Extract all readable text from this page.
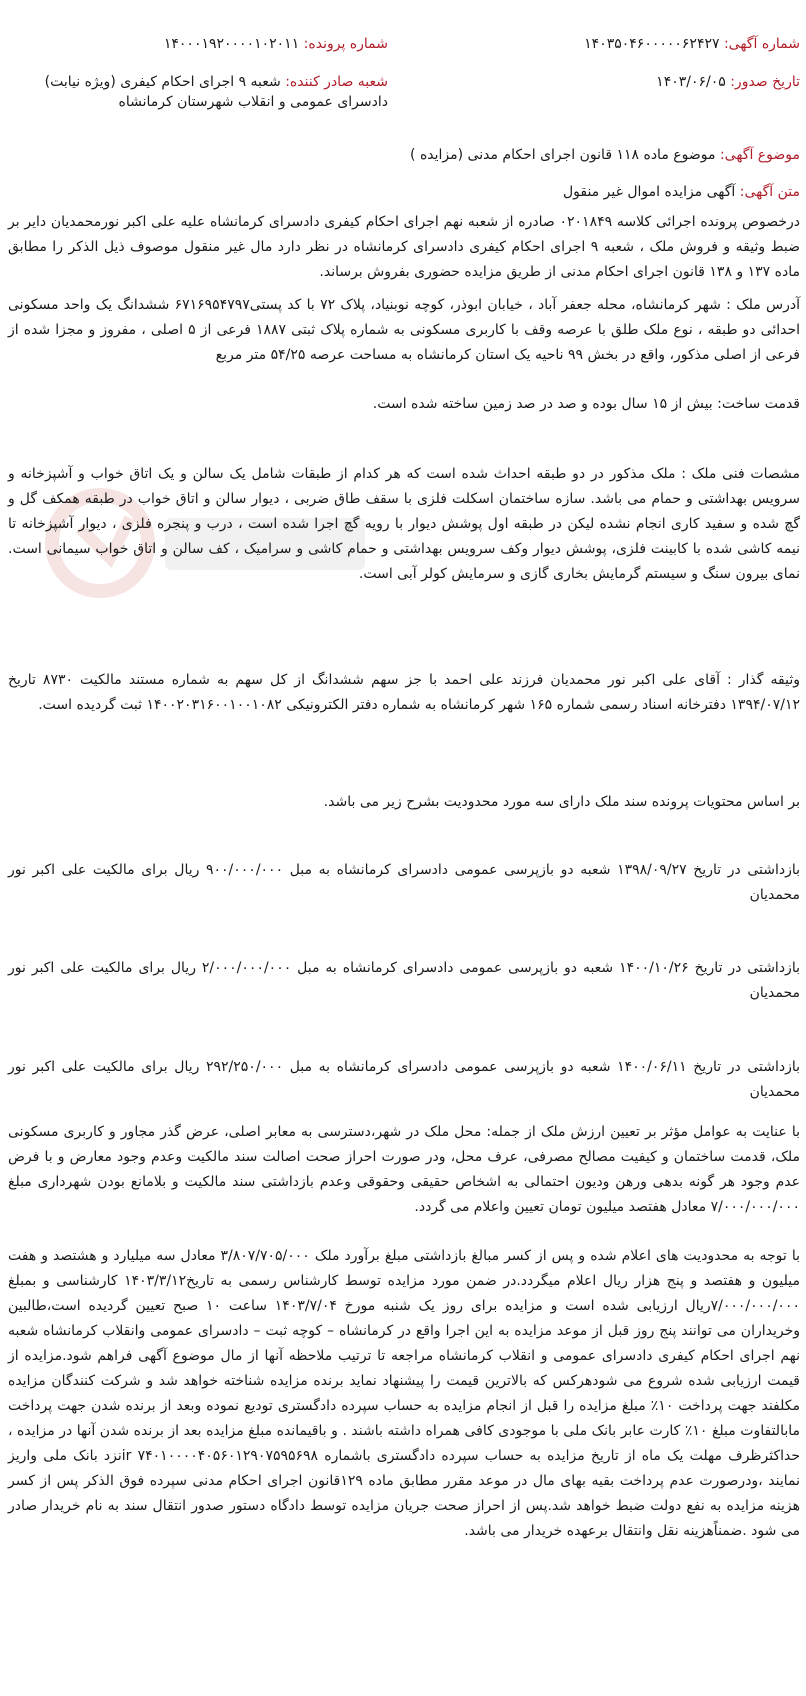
شماره آگهی: ۱۴۰۳۵۰۴۶۰۰۰۰۰۶۲۴۲۷
شماره پرونده: ۱۴۰۰۰۱۹۲۰۰۰۰۱۰۲۰۱۱
تاریخ صدور: ۱۴۰۳/۰۶/۰۵
شعبه صادر کننده: شعبه ۹ اجرای احکام کیفری (ویژه نیابت) دادسرای عمومی و انقلاب شهرستان کرمانشاه
موضوع آگهی: موضوع ماده ۱۱۸ قانون اجرای احکام مدنی (مزایده )
متن آگهی: آگهی مزایده اموال غیر منقول

درخصوص پرونده اجرائی کلاسه ۰۲۰۱۸۴۹ صادره از شعبه نهم اجرای احکام کیفری دادسرای کرمانشاه علیه علی اکبر نورمحمدیان دایر بر ضبط وثیقه و فروش ملک ، شعبه ۹ اجرای احکام کیفری دادسرای کرمانشاه در نظر دارد مال غیر منقول موصوف ذیل الذکر را مطابق ماده ۱۳۷ و ۱۳۸ قانون اجرای احکام مدنی از طریق مزایده حضوری بفروش برساند.

آدرس ملک : شهر کرمانشاه، محله جعفر آباد ، خیابان ابوذر، کوچه نوبنیاد، پلاک ۷۲ با کد پستی۶۷۱۶۹۵۴۷۹۷ ششدانگ یک واحد مسکونی احدائی دو طبقه ، نوع ملک طلق با عرصه وقف با کاربری مسکونی به شماره پلاک ثبتی ۱۸۸۷ فرعی از ۵ اصلی ، مفروز و مجزا شده از فرعی از اصلی مذکور، واقع در بخش ۹۹ ناحیه یک استان کرمانشاه به مساحت عرصه ۵۴/۲۵ متر مربع

قدمت ساخت: بیش از ۱۵ سال بوده و صد در صد زمین ساخته شده است.

مشصات فنی ملک : ملک مذکور در دو طبقه احداث شده است که هر کدام از طبقات شامل یک سالن و یک اتاق خواب و آشپزخانه و سرویس بهداشتی و حمام می باشد. سازه ساختمان اسکلت فلزی با سقف طاق ضربی ، دیوار سالن و اتاق خواب در طبقه همکف گل و گچ شده و سفید کاری انجام نشده لیکن در طبقه اول پوشش دیوار با رویه گچ اجرا شده است ، درب و پنجره فلزی ، دیوار آشپزخانه تا نیمه کاشی شده با کابینت فلزی، پوشش دیوار وکف سرویس بهداشتی و حمام کاشی و سرامیک ، کف سالن و اتاق خواب سیمانی است. نمای بیرون سنگ و سیستم گرمایش بخاری گازی و سرمایش کولر آبی است.

وثیقه گذار : آقای علی اکبر نور محمدیان فرزند علی احمد با جز سهم ششدانگ از کل سهم به شماره مستند مالکیت ۸۷۳۰ تاریخ ۱۳۹۴/۰۷/۱۲ دفترخانه اسناد رسمی شماره ۱۶۵ شهر کرمانشاه به شماره دفتر الکترونیکی ۱۴۰۰۲۰۳۱۶۰۰۱۰۰۱۰۸۲ ثبت گردیده است.

بر اساس محتویات پرونده سند ملک دارای سه مورد محدودیت بشرح زیر می باشد.

بازداشتی در تاریخ ۱۳۹۸/۰۹/۲۷ شعبه دو بازپرسی عمومی دادسرای کرمانشاه به مبل ۹۰۰/۰۰۰/۰۰۰ ریال برای مالکیت علی اکبر نور محمدیان

بازداشتی در تاریخ ۱۴۰۰/۱۰/۲۶ شعبه دو بازپرسی عمومی دادسرای کرمانشاه به مبل ۲/۰۰۰/۰۰۰/۰۰۰ ریال برای مالکیت علی اکبر نور محمدیان

بازداشتی در تاریخ ۱۴۰۰/۰۶/۱۱ شعبه دو بازپرسی عمومی دادسرای کرمانشاه به مبل ۲۹۲/۲۵۰/۰۰۰ ریال برای مالکیت علی اکبر نور محمدیان

با عنایت به عوامل مؤثر بر تعیین ارزش ملک از جمله: محل ملک در شهر،دسترسی به معابر اصلی، عرض گذر مجاور و کاربری مسکونی ملک، قدمت ساختمان و کیفیت مصالح مصرفی، عرف محل، ودر صورت احراز صحت اصالت سند مالکیت وعدم وجود معارض و با فرض عدم وجود هر گونه بدهی ورهن ودیون احتمالی به اشخاص حقیقی وحقوقی وعدم بازداشتی سند مالکیت و بلامانع بودن شهرداری مبلغ ۷/۰۰۰/۰۰۰/۰۰۰ معادل هفتصد میلیون تومان تعیین واعلام می گردد.

با توجه به محدودیت های اعلام شده و پس از کسر مبالغ بازداشتی مبلغ برآورد ملک ۳/۸۰۷/۷۰۵/۰۰۰ معادل سه میلیارد و هشتصد و هفت میلیون و هفتصد و پنج هزار ریال اعلام میگردد.در ضمن مورد مزایده توسط کارشناس رسمی به تاریخ۱۴۰۳/۳/۱۲ کارشناسی و بمبلغ ۷/۰۰۰/۰۰۰/۰۰۰ریال ارزیابی شده است و مزایده برای روز یک شنبه مورخ ۱۴۰۳/۷/۰۴ ساعت ۱۰ صبح تعیین گردیده است،طالبین وخریداران می توانند پنج روز قبل از موعد مزایده به این اجرا واقع در کرمانشاه – کوچه ثبت – دادسرای عمومی وانقلاب کرمانشاه شعبه نهم اجرای احکام کیفری دادسرای عمومی و انقلاب کرمانشاه مراجعه تا ترتیب ملاحظه آنها از مال موضوع آگهی فراهم شود.مزایده از قیمت ارزیابی شده شروع می شودهرکس که بالاترین قیمت را پیشنهاد نماید برنده مزایده شناخته خواهد شد و شرکت کنندگان مزایده مکلفند جهت پرداخت ۱۰٪ مبلغ مزایده را قبل از انجام مزایده به حساب سپرده دادگستری تودیع نموده وبعد از برنده شدن جهت پرداخت مابالتفاوت مبلغ ۱۰٪ کارت عابر بانک ملی با موجودی کافی همراه داشته باشند . و باقیمانده مبلغ مزایده بعد از برنده شدن آنها در مزایده ، حداکثرظرف مهلت یک ماه از تاریخ مزایده به حساب سپرده دادگستری باشماره ۷۴۰۱۰۰۰۰۴۰۵۶۰۱۲۹۰۷۵۹۵۶۹۸ irنزد بانک ملی واریز نمایند ،ودرصورت عدم پرداخت بقیه بهای مال در موعد مقرر مطابق ماده ۱۲۹قانون اجرای احکام مدنی سپرده فوق الذکر پس از کسر هزینه مزایده به نفع دولت ضبط خواهد شد.پس از احراز صحت جریان مزایده توسط دادگاه دستور صدور انتقال سند به نام خریدار صادر می شود .ضمناًهزینه نقل وانتقال برعهده خریدار می باشد.
